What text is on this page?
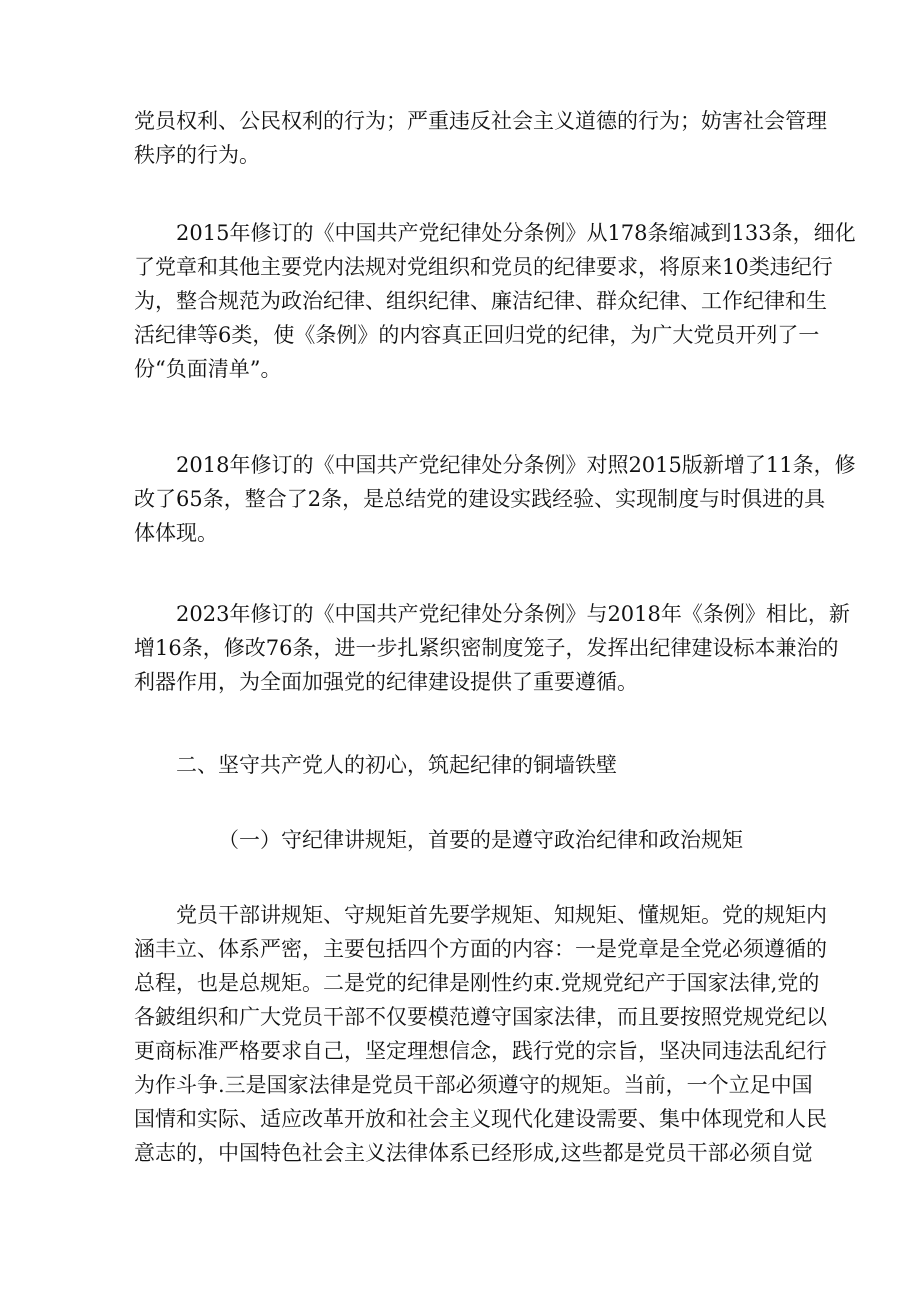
党员权利、公民权利的行为；严重违反社会主义道德的行为；妨害社会管理
秩序的行为。
2015年修订的《中国共产党纪律处分条例》从178条缩减到133条，细化
了党章和其他主要党内法规对党组织和党员的纪律要求，将原来10类违纪行
为，整合规范为政治纪律、组织纪律、廉洁纪律、群众纪律、工作纪律和生
活纪律等6类，使《条例》的内容真正回归党的纪律，为广大党员开列了一
份“负面清单”。
2018年修订的《中国共产党纪律处分条例》对照2015版新增了11条，修
改了65条，整合了2条，是总结党的建设实践经验、实现制度与时俱进的具
体体现。
2023年修订的《中国共产党纪律处分条例》与2018年《条例》相比，新
增16条，修改76条，进一步扎紧织密制度笼子，发挥出纪律建设标本兼治的
利器作用，为全面加强党的纪律建设提供了重要遵循。
二、坚守共产党人的初心，筑起纪律的铜墙铁壁
（一）守纪律讲规矩，首要的是遵守政治纪律和政治规矩
党员干部讲规矩、守规矩首先要学规矩、知规矩、懂规矩。党的规矩内
涵丰立、体系严密，主要包括四个方面的内容：一是党章是全党必须遵循的
总程，也是总规矩。二是党的纪律是刚性约束.党规党纪产于国家法律,党的
各鈹组织和广大党员干部不仅要模范遵守国家法律，而且要按照党规党纪以
更商标准严格要求自己，坚定理想信念，践行党的宗旨，坚决同违法乱纪行
为作斗争.三是国家法律是党员干部必须遵守的规矩。当前，一个立足中国
国情和实际、适应改革开放和社会主义现代化建设需要、集中体现党和人民
意志的，中国特色社会主义法律体系已经形成,这些都是党员干部必须自觉
